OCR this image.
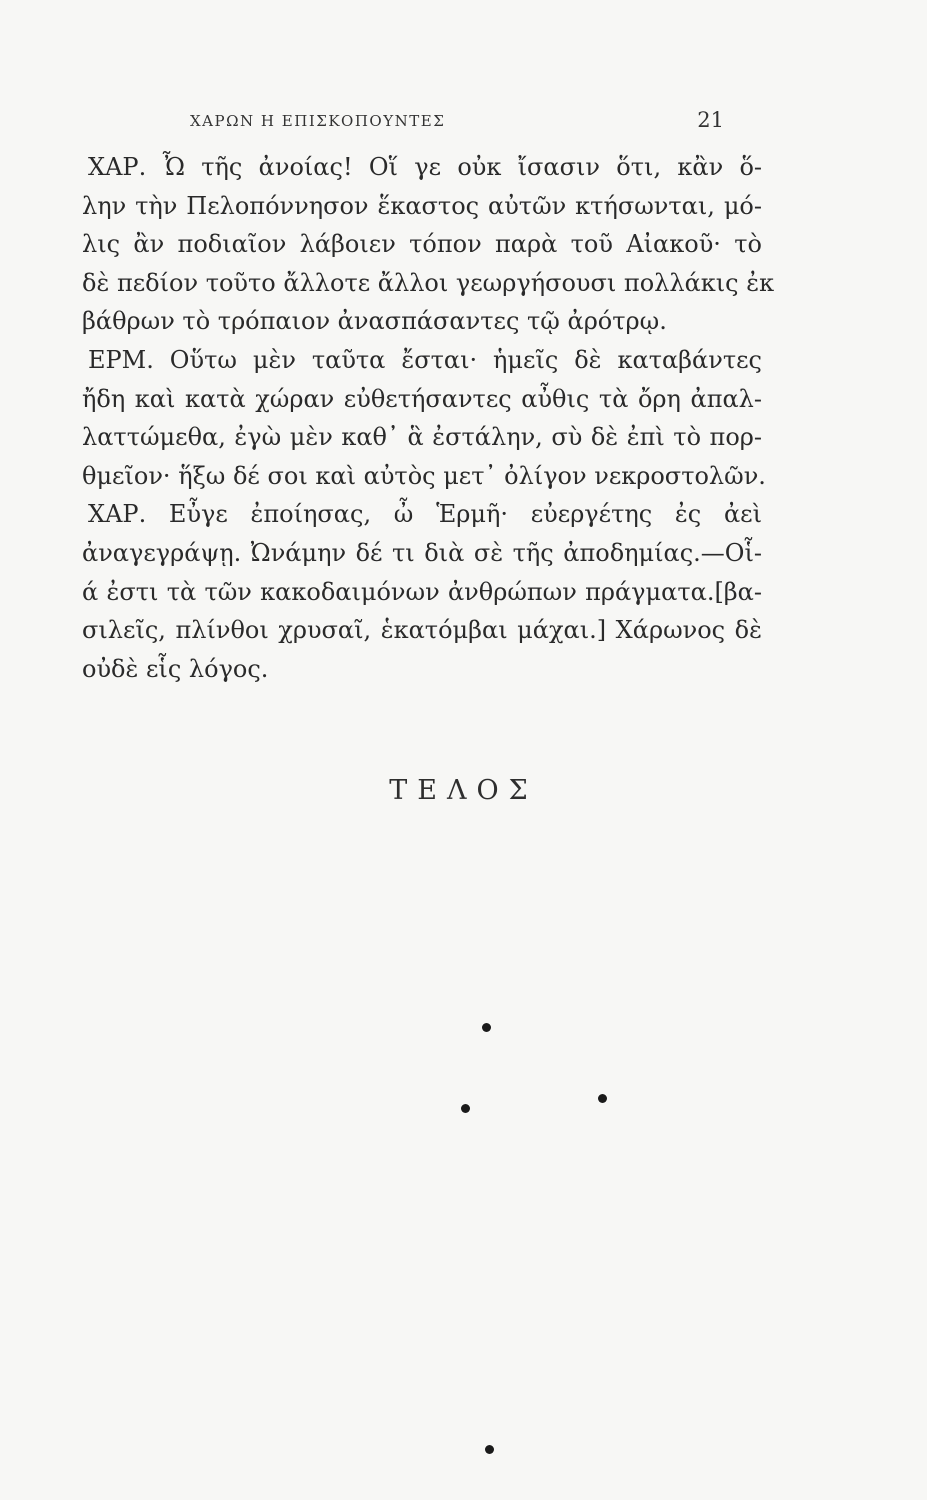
ΧΑΡΩΝ Η ΕΠΙΣΚΟΠΟΥΝΤΕΣ	21
ΧΑΡ. Ὦ τῆς ἀνοίας! Οἵ γε οὐκ ἴσασιν ὅτι, κἂν ὅ-
λην τὴν Πελοπόννησον ἕκαστος αὐτῶν κτήσωνται, μό-
λις ἂν ποδιαῖον λάβοιεν τόπον παρὰ τοῦ Αἰακοῦ· τὸ
δὲ πεδίον τοῦτο ἄλλοτε ἄλλοι γεωργήσουσι πολλάκις ἐκ
βάθρων τὸ τρόπαιον ἀνασπάσαντες τῷ ἀρότρῳ.
ΕΡΜ. Οὕτω μὲν ταῦτα ἔσται· ἡμεῖς δὲ καταβάντες
ἤδη καὶ κατὰ χώραν εὐθετήσαντες αὖθις τὰ ὄρη ἀπαλ-
λαττώμεθα, ἐγὼ μὲν καθ᾽ ἃ ἐστάλην, σὺ δὲ ἐπὶ τὸ πορ-
θμεῖον· ἥξω δέ σοι καὶ αὐτὸς μετ᾽ ὀλίγον νεκροστολῶν.
ΧΑΡ. Εὖγε ἐποίησας, ὦ Ἑρμῆ· εὐεργέτης ἐς ἀεὶ
ἀναγεγράψῃ. Ὠνάμην δέ τι διὰ σὲ τῆς ἀποδημίας.—Οἷ-
ά ἐστι τὰ τῶν κακοδαιμόνων ἀνθρώπων πράγματα.[βα-
σιλεῖς, πλίνθοι χρυσαῖ, ἑκατόμβαι μάχαι.] Χάρωνος δὲ
οὐδὲ εἷς λόγος.
ΤΕΛΟΣ
